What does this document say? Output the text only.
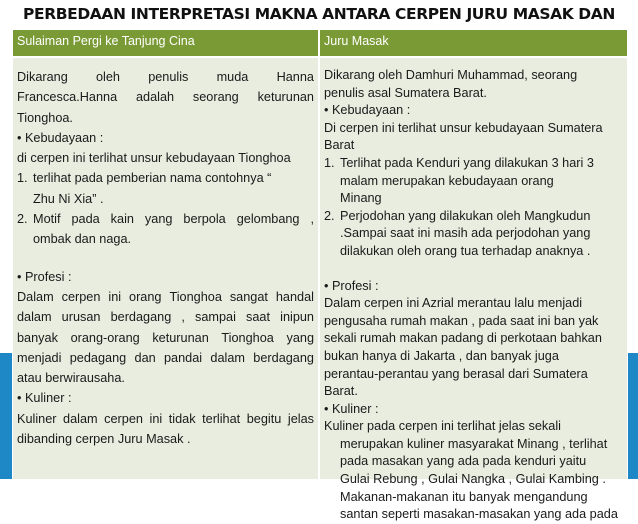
PERBEDAAN INTERPRETASI MAKNA ANTARA CERPEN JURU MASAK DAN
Sulaiman Pergi ke Tanjung Cina	Juru Masak
Dikarang oleh penulis muda Hanna
Francesca.Hanna adalah seorang keturunan
Tionghoa.
• Kebudayaan :
di cerpen ini terlihat unsur kebudayaan Tionghoa
1. terlihat pada pemberian nama contohnya “
Zhu Ni Xia” .
2. Motif pada kain yang berpola gelombang ,
ombak dan naga.
• Profesi :
Dalam cerpen ini orang Tionghoa sangat handal
dalam urusan berdagang , sampai saat inipun
banyak orang-orang keturunan Tionghoa yang
menjadi pedagang dan pandai dalam berdagang
atau berwirausaha.
• Kuliner :
Kuliner dalam cerpen ini tidak terlihat begitu jelas
dibanding cerpen Juru Masak .
Dikarang oleh Damhuri Muhammad, seorang
penulis asal Sumatera Barat.
• Kebudayaan :
Di cerpen ini terlihat unsur kebudayaan Sumatera
Barat
1. Terlihat pada Kenduri yang dilakukan 3 hari 3
malam merupakan kebudayaan orang
Minang
2. Perjodohan yang dilakukan oleh Mangkudun
.Sampai saat ini masih ada perjodohan yang
dilakukan oleh orang tua terhadap anaknya .
• Profesi :
Dalam cerpen ini Azrial merantau lalu menjadi
pengusaha rumah makan , pada saat ini ban yak
sekali rumah makan padang di perkotaan bahkan
bukan hanya di Jakarta , dan banyak juga
perantau-perantau yang berasal dari Sumatera
Barat.
• Kuliner :
Kuliner pada cerpen ini terlihat jelas sekali
merupakan kuliner masyarakat Minang , terlihat
pada masakan yang ada pada kenduri yaitu
Gulai Rebung , Gulai Nangka , Gulai Kambing .
Makanan-makanan itu banyak mengandung
santan seperti masakan-masakan yang ada pada
